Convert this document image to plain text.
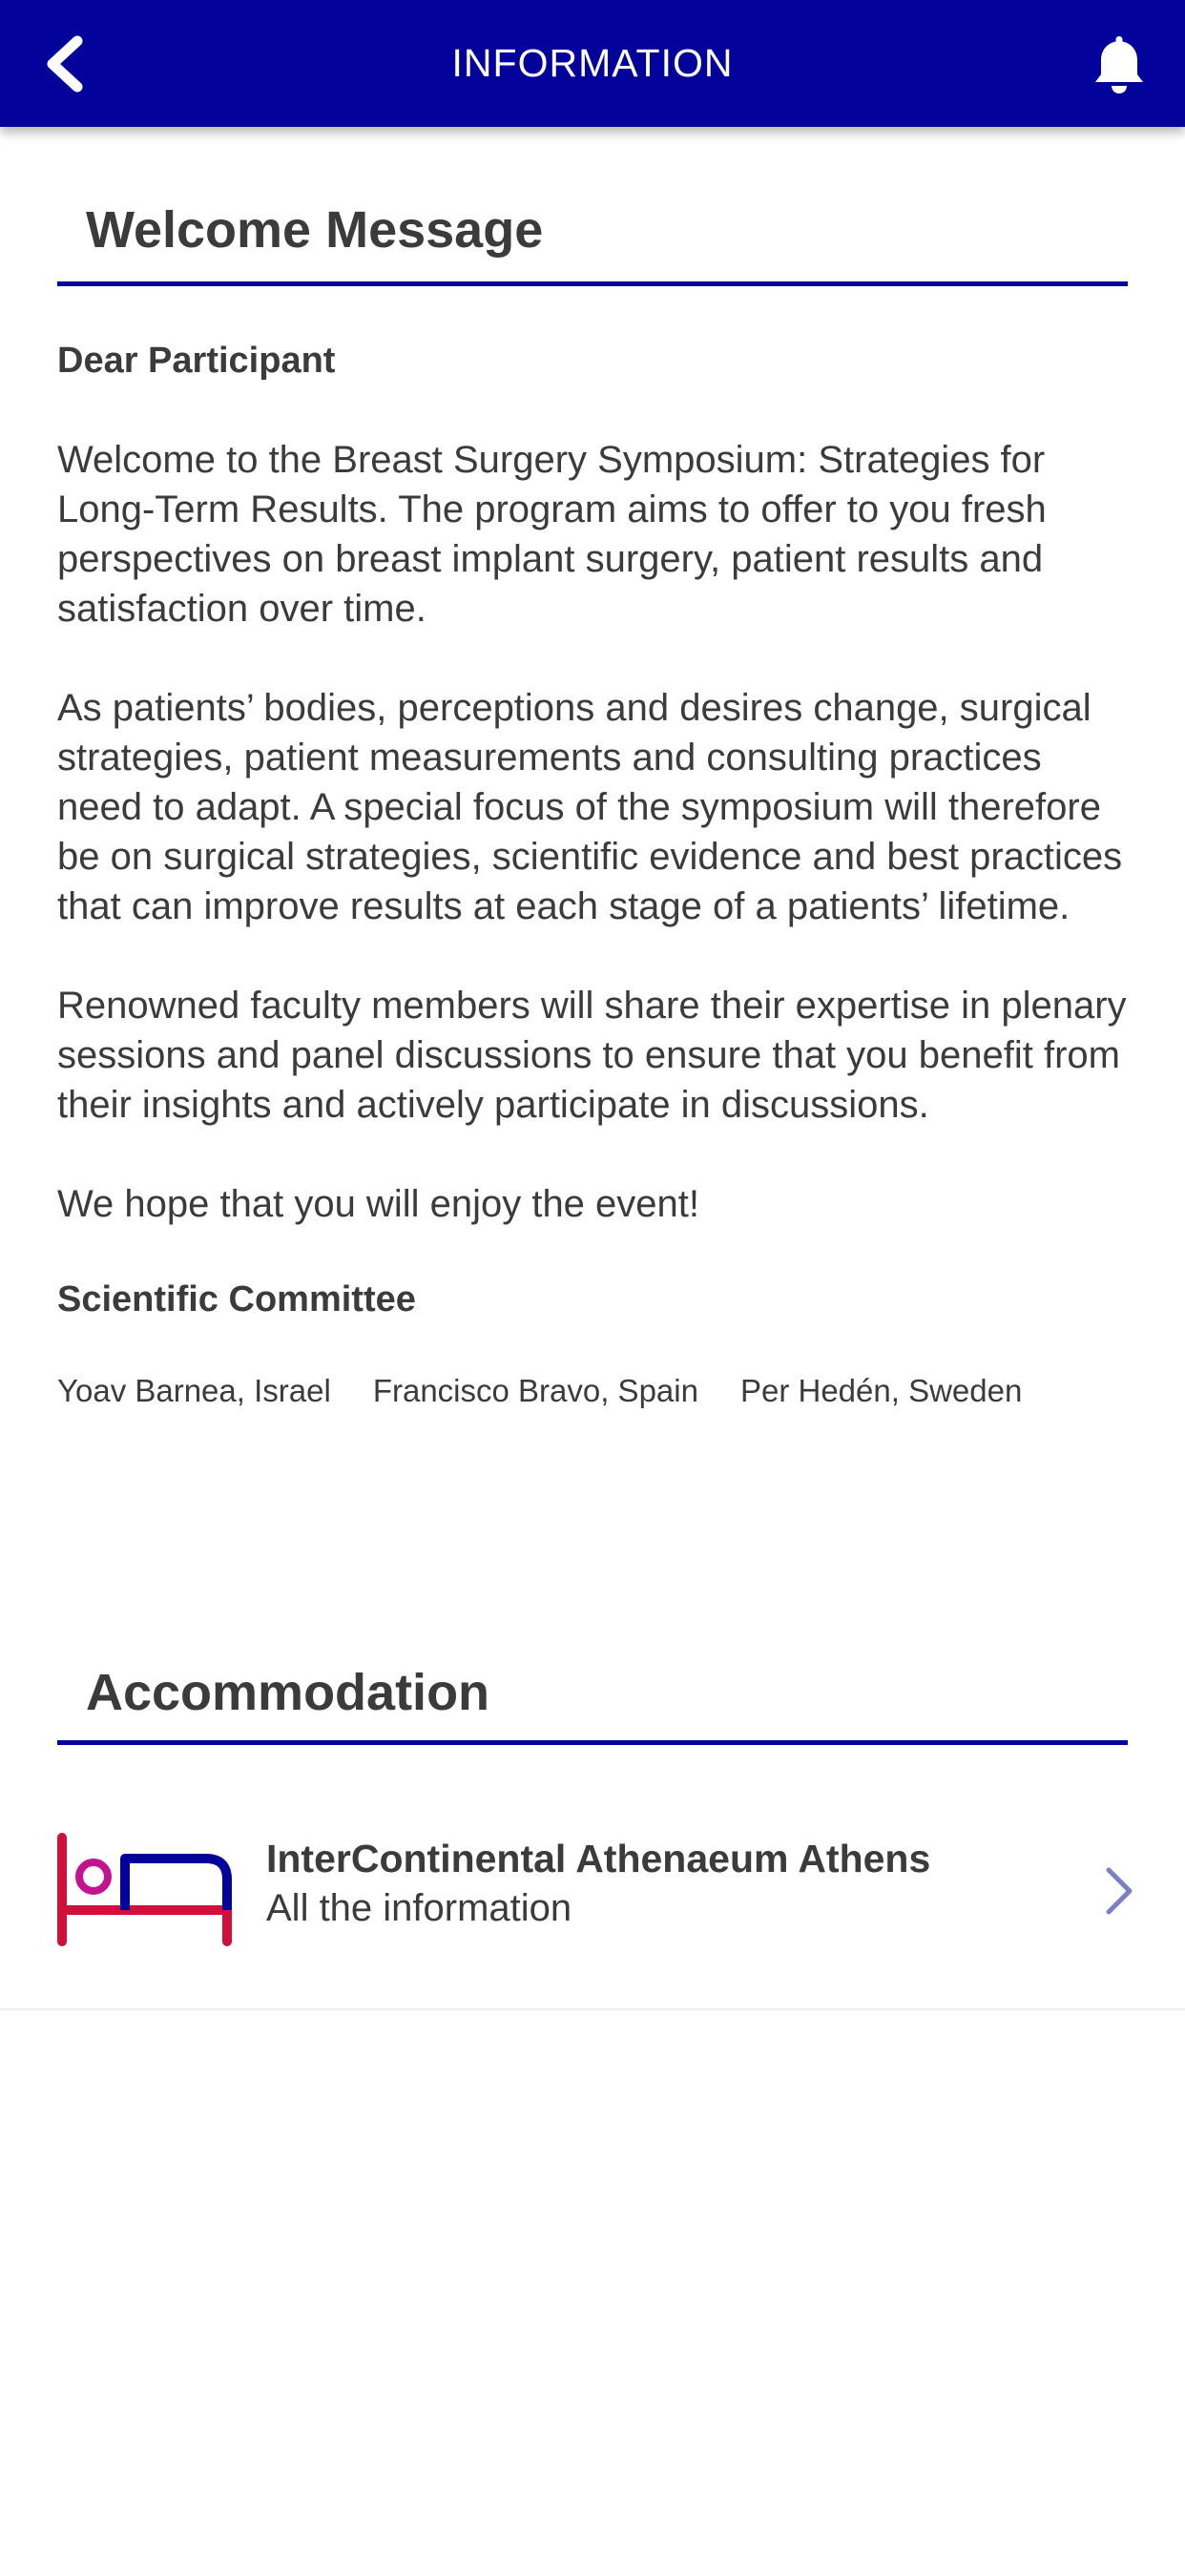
INFORMATION
Welcome Message

Dear Participant

Welcome to the Breast Surgery Symposium: Strategies for Long-Term Results. The program aims to offer to you fresh perspectives on breast implant surgery, patient results and satisfaction over time.

As patients’ bodies, perceptions and desires change, surgical strategies, patient measurements and consulting practices need to adapt. A special focus of the symposium will therefore be on surgical strategies, scientific evidence and best practices that can improve results at each stage of a patients’ lifetime.

Renowned faculty members will share their expertise in plenary sessions and panel discussions to ensure that you benefit from their insights and actively participate in discussions.

We hope that you will enjoy the event!

Scientific Committee

Yoav Barnea, Israel Francisco Bravo, Spain Per Hedén, Sweden
Accommodation
InterContinental Athenaeum Athens
All the information
